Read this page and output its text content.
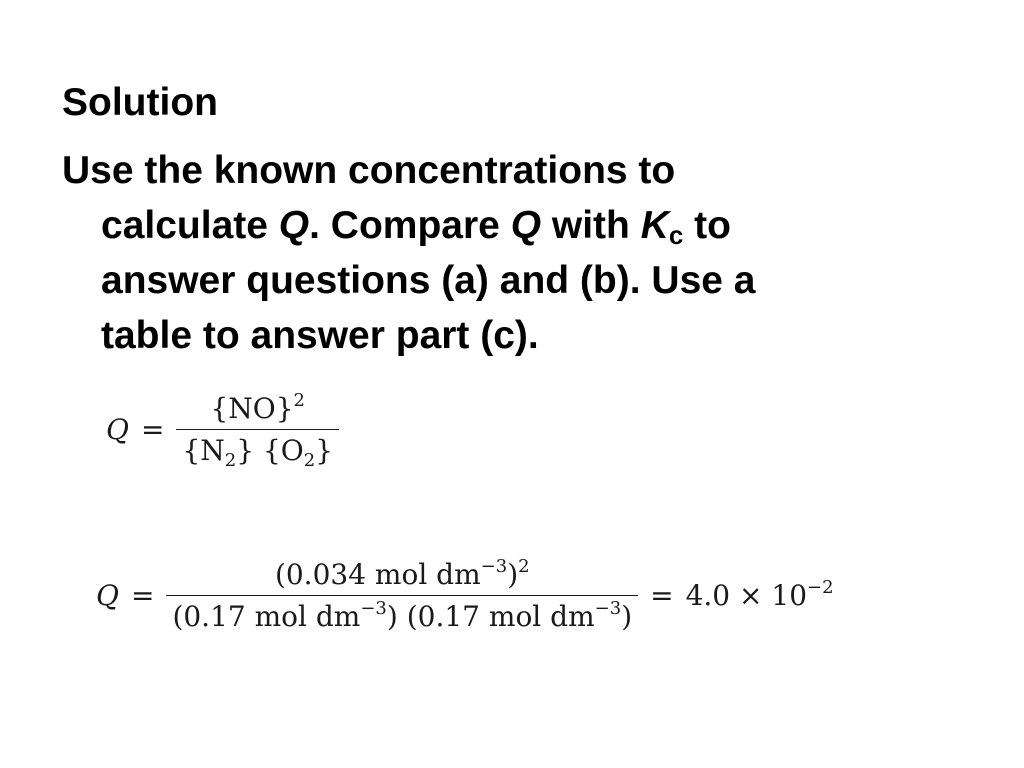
Solution
Use the known concentrations to
calculate Q. Compare Q with $K_c$ to
answer questions (a) and (b). Use a
table to answer part (c).
$Q = \frac{\{NO\}^2}{\{N_2\} \{O_2\}}$
$Q = \frac{(0.034 mol dm^{-3})^2}{(0.17 mol dm^{-3}) (0.17 mol dm^{-3})} = 4.0 \times 10^{-2}$
